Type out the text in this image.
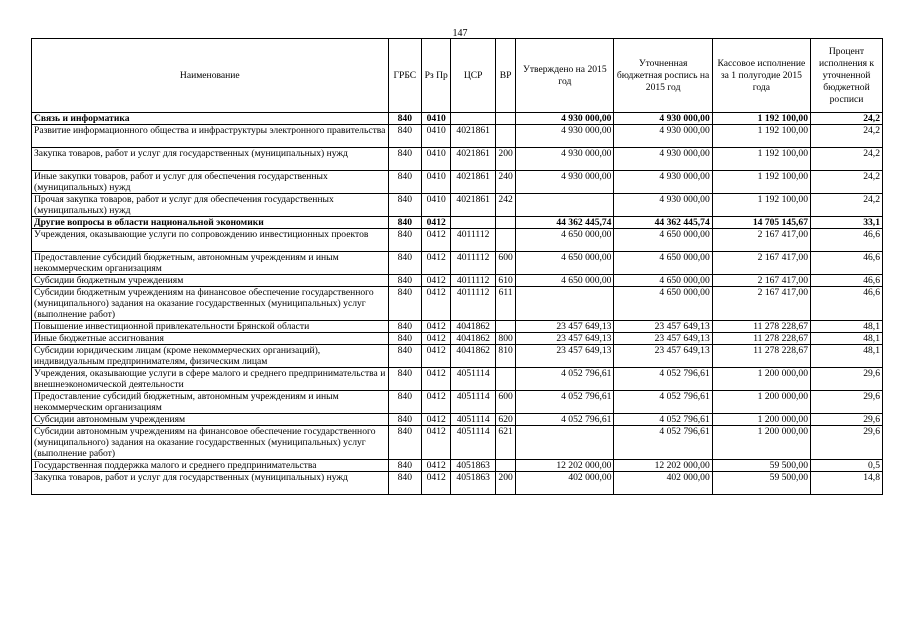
147
Наименование	ГРБС	Рз Пр	ЦСР	ВР	Утверждено на 2015 год	Уточненная бюджетная роспись на 2015 год	Кассовое исполнение за 1 полугодие 2015 года	Процент исполнения к уточненной бюджетной росписи
Связь и информатика	840	0410			4 930 000,00	4 930 000,00	1 192 100,00	24,2
Развитие информационного общества и инфраструктуры электронного правительства	840	0410	4021861		4 930 000,00	4 930 000,00	1 192 100,00	24,2
Закупка товаров, работ и услуг для государственных (муниципальных) нужд	840	0410	4021861	200	4 930 000,00	4 930 000,00	1 192 100,00	24,2
Иные закупки товаров, работ и услуг для обеспечения государственных (муниципальных) нужд	840	0410	4021861	240	4 930 000,00	4 930 000,00	1 192 100,00	24,2
Прочая закупка товаров, работ и услуг для обеспечения государственных (муниципальных) нужд	840	0410	4021861	242		4 930 000,00	1 192 100,00	24,2
Другие вопросы в области национальной экономики	840	0412			44 362 445,74	44 362 445,74	14 705 145,67	33,1
Учреждения, оказывающие услуги по сопровождению инвестиционных проектов	840	0412	4011112		4 650 000,00	4 650 000,00	2 167 417,00	46,6
Предоставление субсидий бюджетным, автономным учреждениям и иным некоммерческим организациям	840	0412	4011112	600	4 650 000,00	4 650 000,00	2 167 417,00	46,6
Субсидии бюджетным учреждениям	840	0412	4011112	610	4 650 000,00	4 650 000,00	2 167 417,00	46,6
Субсидии бюджетным учреждениям на финансовое обеспечение государственного (муниципального) задания на оказание государственных (муниципальных) услуг (выполнение работ)	840	0412	4011112	611		4 650 000,00	2 167 417,00	46,6
Повышение инвестиционной привлекательности Брянской области	840	0412	4041862		23 457 649,13	23 457 649,13	11 278 228,67	48,1
Иные бюджетные ассигнования	840	0412	4041862	800	23 457 649,13	23 457 649,13	11 278 228,67	48,1
Субсидии юридическим лицам (кроме некоммерческих организаций), индивидуальным предпринимателям, физическим лицам	840	0412	4041862	810	23 457 649,13	23 457 649,13	11 278 228,67	48,1
Учреждения, оказывающие услуги в сфере малого и среднего предпринимательства и внешнеэкономической деятельности	840	0412	4051114		4 052 796,61	4 052 796,61	1 200 000,00	29,6
Предоставление субсидий бюджетным, автономным учреждениям и иным некоммерческим организациям	840	0412	4051114	600	4 052 796,61	4 052 796,61	1 200 000,00	29,6
Субсидии автономным учреждениям	840	0412	4051114	620	4 052 796,61	4 052 796,61	1 200 000,00	29,6
Субсидии автономным учреждениям на финансовое обеспечение государственного (муниципального) задания на оказание государственных (муниципальных) услуг (выполнение работ)	840	0412	4051114	621		4 052 796,61	1 200 000,00	29,6
Государственная поддержка малого и среднего предпринимательства	840	0412	4051863		12 202 000,00	12 202 000,00	59 500,00	0,5
Закупка товаров, работ и услуг для государственных (муниципальных) нужд	840	0412	4051863	200	402 000,00	402 000,00	59 500,00	14,8
